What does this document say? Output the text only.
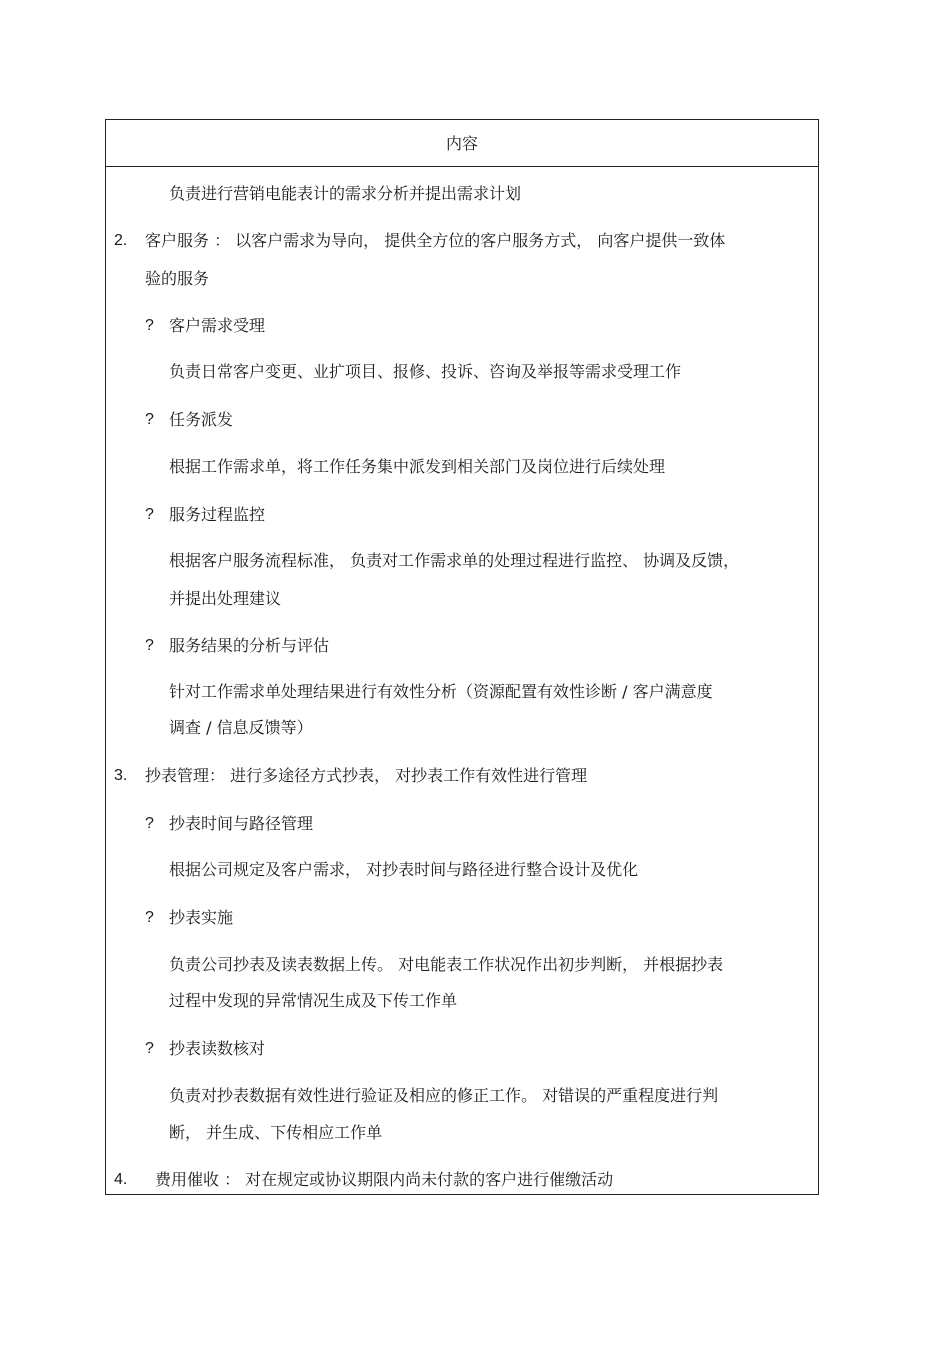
内容
负责进行营销电能表计的需求分析并提出需求计划
2. 客户服务 ： 以客户需求为导向， 提供全方位的客户服务方式， 向客户提供一致体
验的服务
? 客户需求受理
负责日常客户变更、业扩项目、报修、投诉、咨询及举报等需求受理工作
? 任务派发
根据工作需求单，将工作任务集中派发到相关部门及岗位进行后续处理
? 服务过程监控
根据客户服务流程标准， 负责对工作需求单的处理过程进行监控、 协调及反馈，
并提出处理建议
? 服务结果的分析与评估
针对工作需求单处理结果进行有效性分析（资源配置有效性诊断 / 客户满意度
调查 / 信息反馈等）
3. 抄表管理： 进行多途径方式抄表， 对抄表工作有效性进行管理
? 抄表时间与路径管理
根据公司规定及客户需求， 对抄表时间与路径进行整合设计及优化
? 抄表实施
负责公司抄表及读表数据上传。 对电能表工作状况作出初步判断， 并根据抄表
过程中发现的异常情况生成及下传工作单
? 抄表读数核对
负责对抄表数据有效性进行验证及相应的修正工作。 对错误的严重程度进行判
断， 并生成、下传相应工作单
4. 费用催收 ： 对在规定或协议期限内尚未付款的客户进行催缴活动
